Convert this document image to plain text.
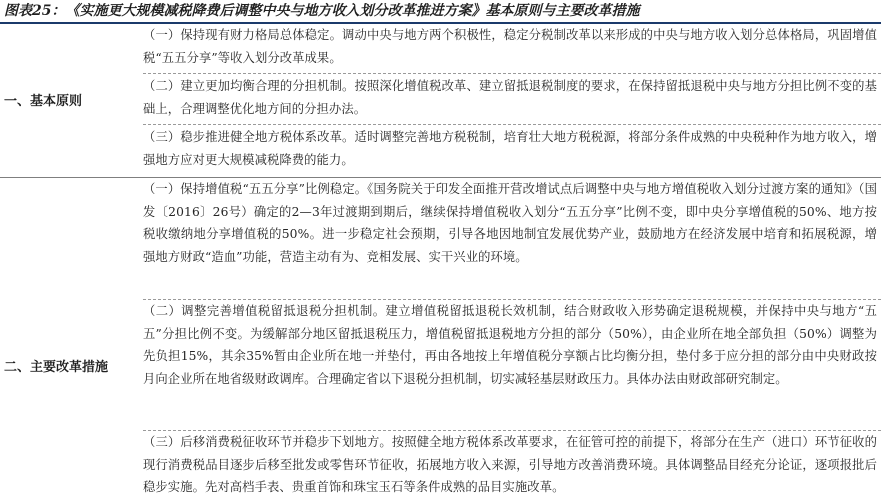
图表25：《实施更大规模减税降费后调整中央与地方收入划分改革推进方案》基本原则与主要改革措施
一、基本原则
（一）保持现有财力格局总体稳定。调动中央与地方两个积极性，稳定分税制改革以来形成的中央与地方收入划分总体格局，巩固增值税“五五分享”等收入划分改革成果。
（二）建立更加均衡合理的分担机制。按照深化增值税改革、建立留抵退税制度的要求，在保持留抵退税中央与地方分担比例不变的基础上，合理调整优化地方间的分担办法。
（三）稳步推进健全地方税体系改革。适时调整完善地方税税制，培育壮大地方税税源，将部分条件成熟的中央税种作为地方收入，增强地方应对更大规模减税降费的能力。
二、主要改革措施
（一）保持增值税“五五分享”比例稳定。《国务院关于印发全面推开营改增试点后调整中央与地方增值税收入划分过渡方案的通知》（国发〔2016〕26号）确定的2—3年过渡期到期后，继续保持增值税收入划分“五五分享”比例不变，即中央分享增值税的50%、地方按税收缴纳地分享增值税的50%。进一步稳定社会预期，引导各地因地制宜发展优势产业，鼓励地方在经济发展中培育和拓展税源，增强地方财政“造血”功能，营造主动有为、竞相发展、实干兴业的环境。
（二）调整完善增值税留抵退税分担机制。建立增值税留抵退税长效机制，结合财政收入形势确定退税规模，并保持中央与地方“五五”分担比例不变。为缓解部分地区留抵退税压力，增值税留抵退税地方分担的部分（50%），由企业所在地全部负担（50%）调整为先负担15%，其余35%暂由企业所在地一并垫付，再由各地按上年增值税分享额占比均衡分担，垫付多于应分担的部分由中央财政按月向企业所在地省级财政调库。合理确定省以下退税分担机制，切实减轻基层财政压力。具体办法由财政部研究制定。
（三）后移消费税征收环节并稳步下划地方。按照健全地方税体系改革要求，在征管可控的前提下，将部分在生产（进口）环节征收的现行消费税品目逐步后移至批发或零售环节征收，拓展地方收入来源，引导地方改善消费环境。具体调整品目经充分论证，逐项报批后稳步实施。先对高档手表、贵重首饰和珠宝玉石等条件成熟的品目实施改革。
